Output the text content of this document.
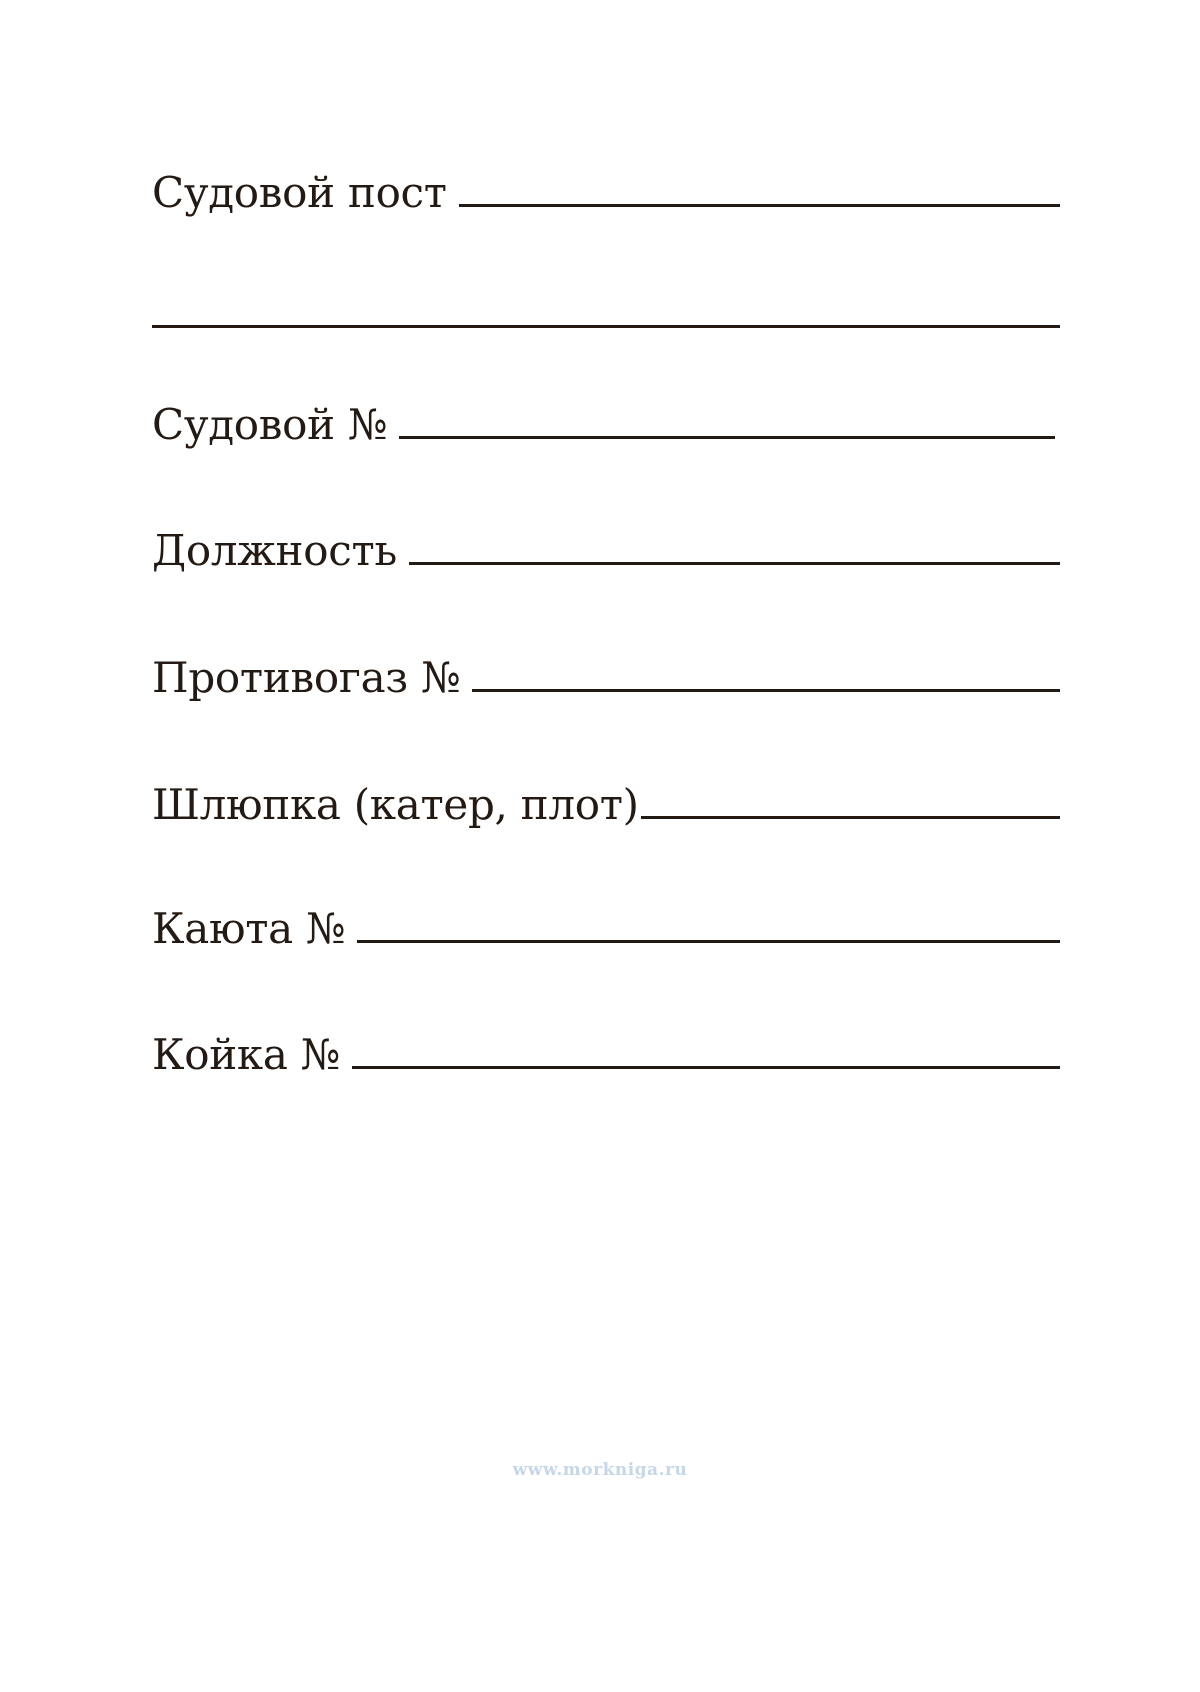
Судовой пост
Судовой №
Должность
Противогаз №
Шлюпка (катер, плот)
Каюта №
Койка №
www.morkniga.ru
